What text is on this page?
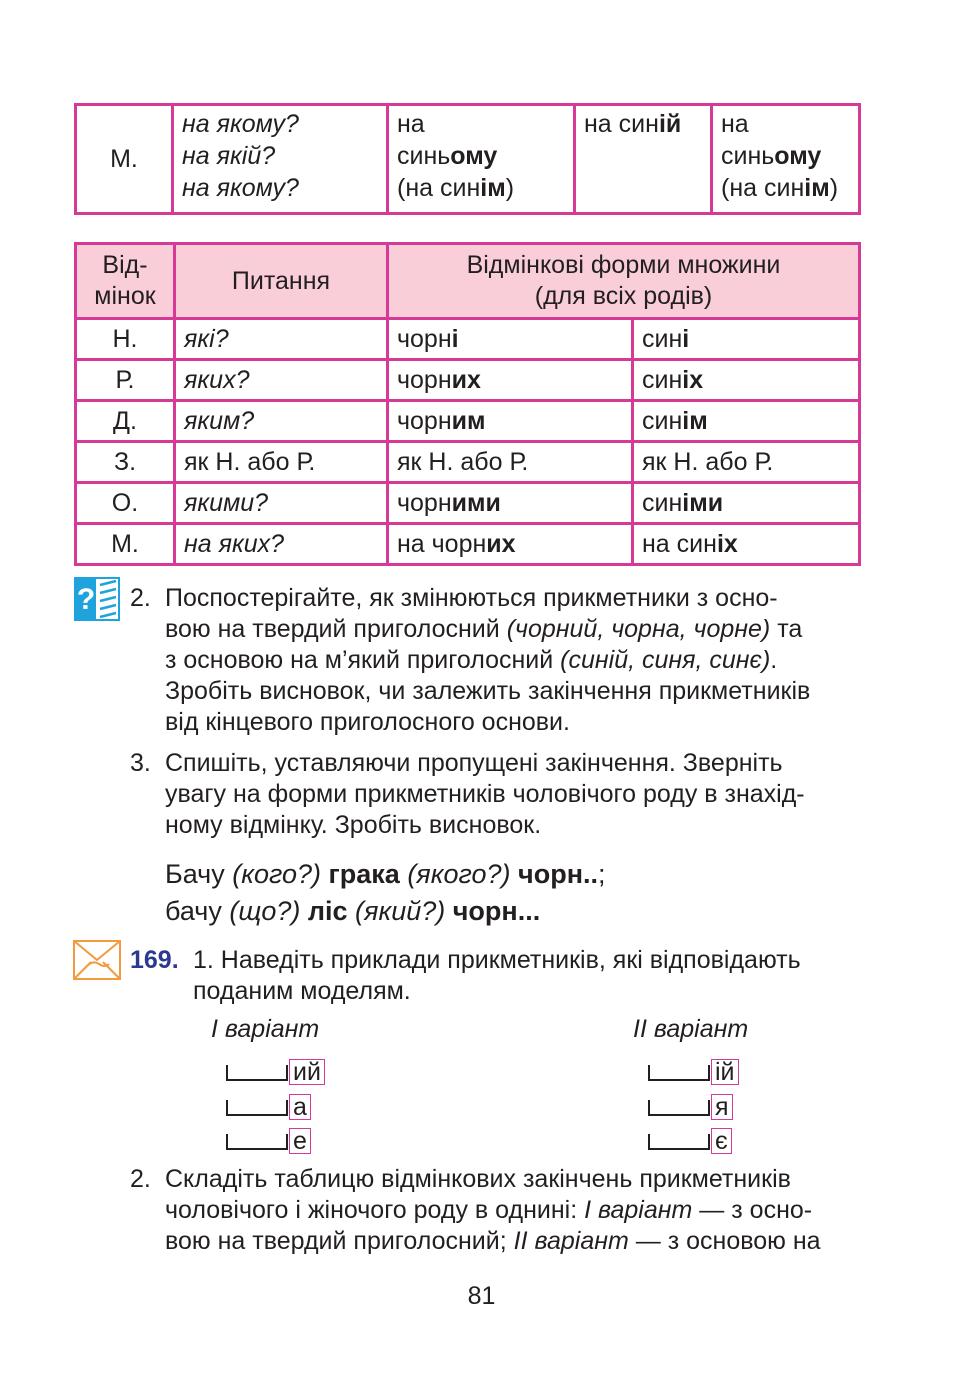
М.	на якому?
на якій?
на якому?	на
синьому
(на синім)	на синій	на
синьому
(на синім)
Від-
мінок	Питання	Відмінкові форми множини
(для всіх родів)	
Н.	які?	чорні	сині
Р.	яких?	чорних	синіх
Д.	яким?	чорним	синім
З.	як Н. або Р.	як Н. або Р.	як Н. або Р.
О.	якими?	чорними	синіми
М.	на яких?	на чорних	на синіх
? 2. Поспостерігайте, як змінюються прикметники з осно-
вою на твердий приголосний (чорний, чорна, чорне) та
з основою на м’який приголосний (синій, синя, синє).
Зробіть висновок, чи залежить закінчення прикметників
від кінцевого приголосного основи.
3. Спишіть, уставляючи пропущені закінчення. Зверніть
увагу на форми прикметників чоловічого роду в знахід-
ному відмінку. Зробіть висновок.
Бачу (кого?) грака (якого?) чорн..;
бачу (що?) ліс (який?) чорн...
169. 1. Наведіть приклади прикметників, які відповідають
поданим моделям.
І варіант	ІІ варіант
ий
а
е
ій
я
є
2. Складіть таблицю відмінкових закінчень прикметників
чоловічого і жіночого роду в однині: І варіант — з осно-
вою на твердий приголосний; ІІ варіант — з основою на
81
